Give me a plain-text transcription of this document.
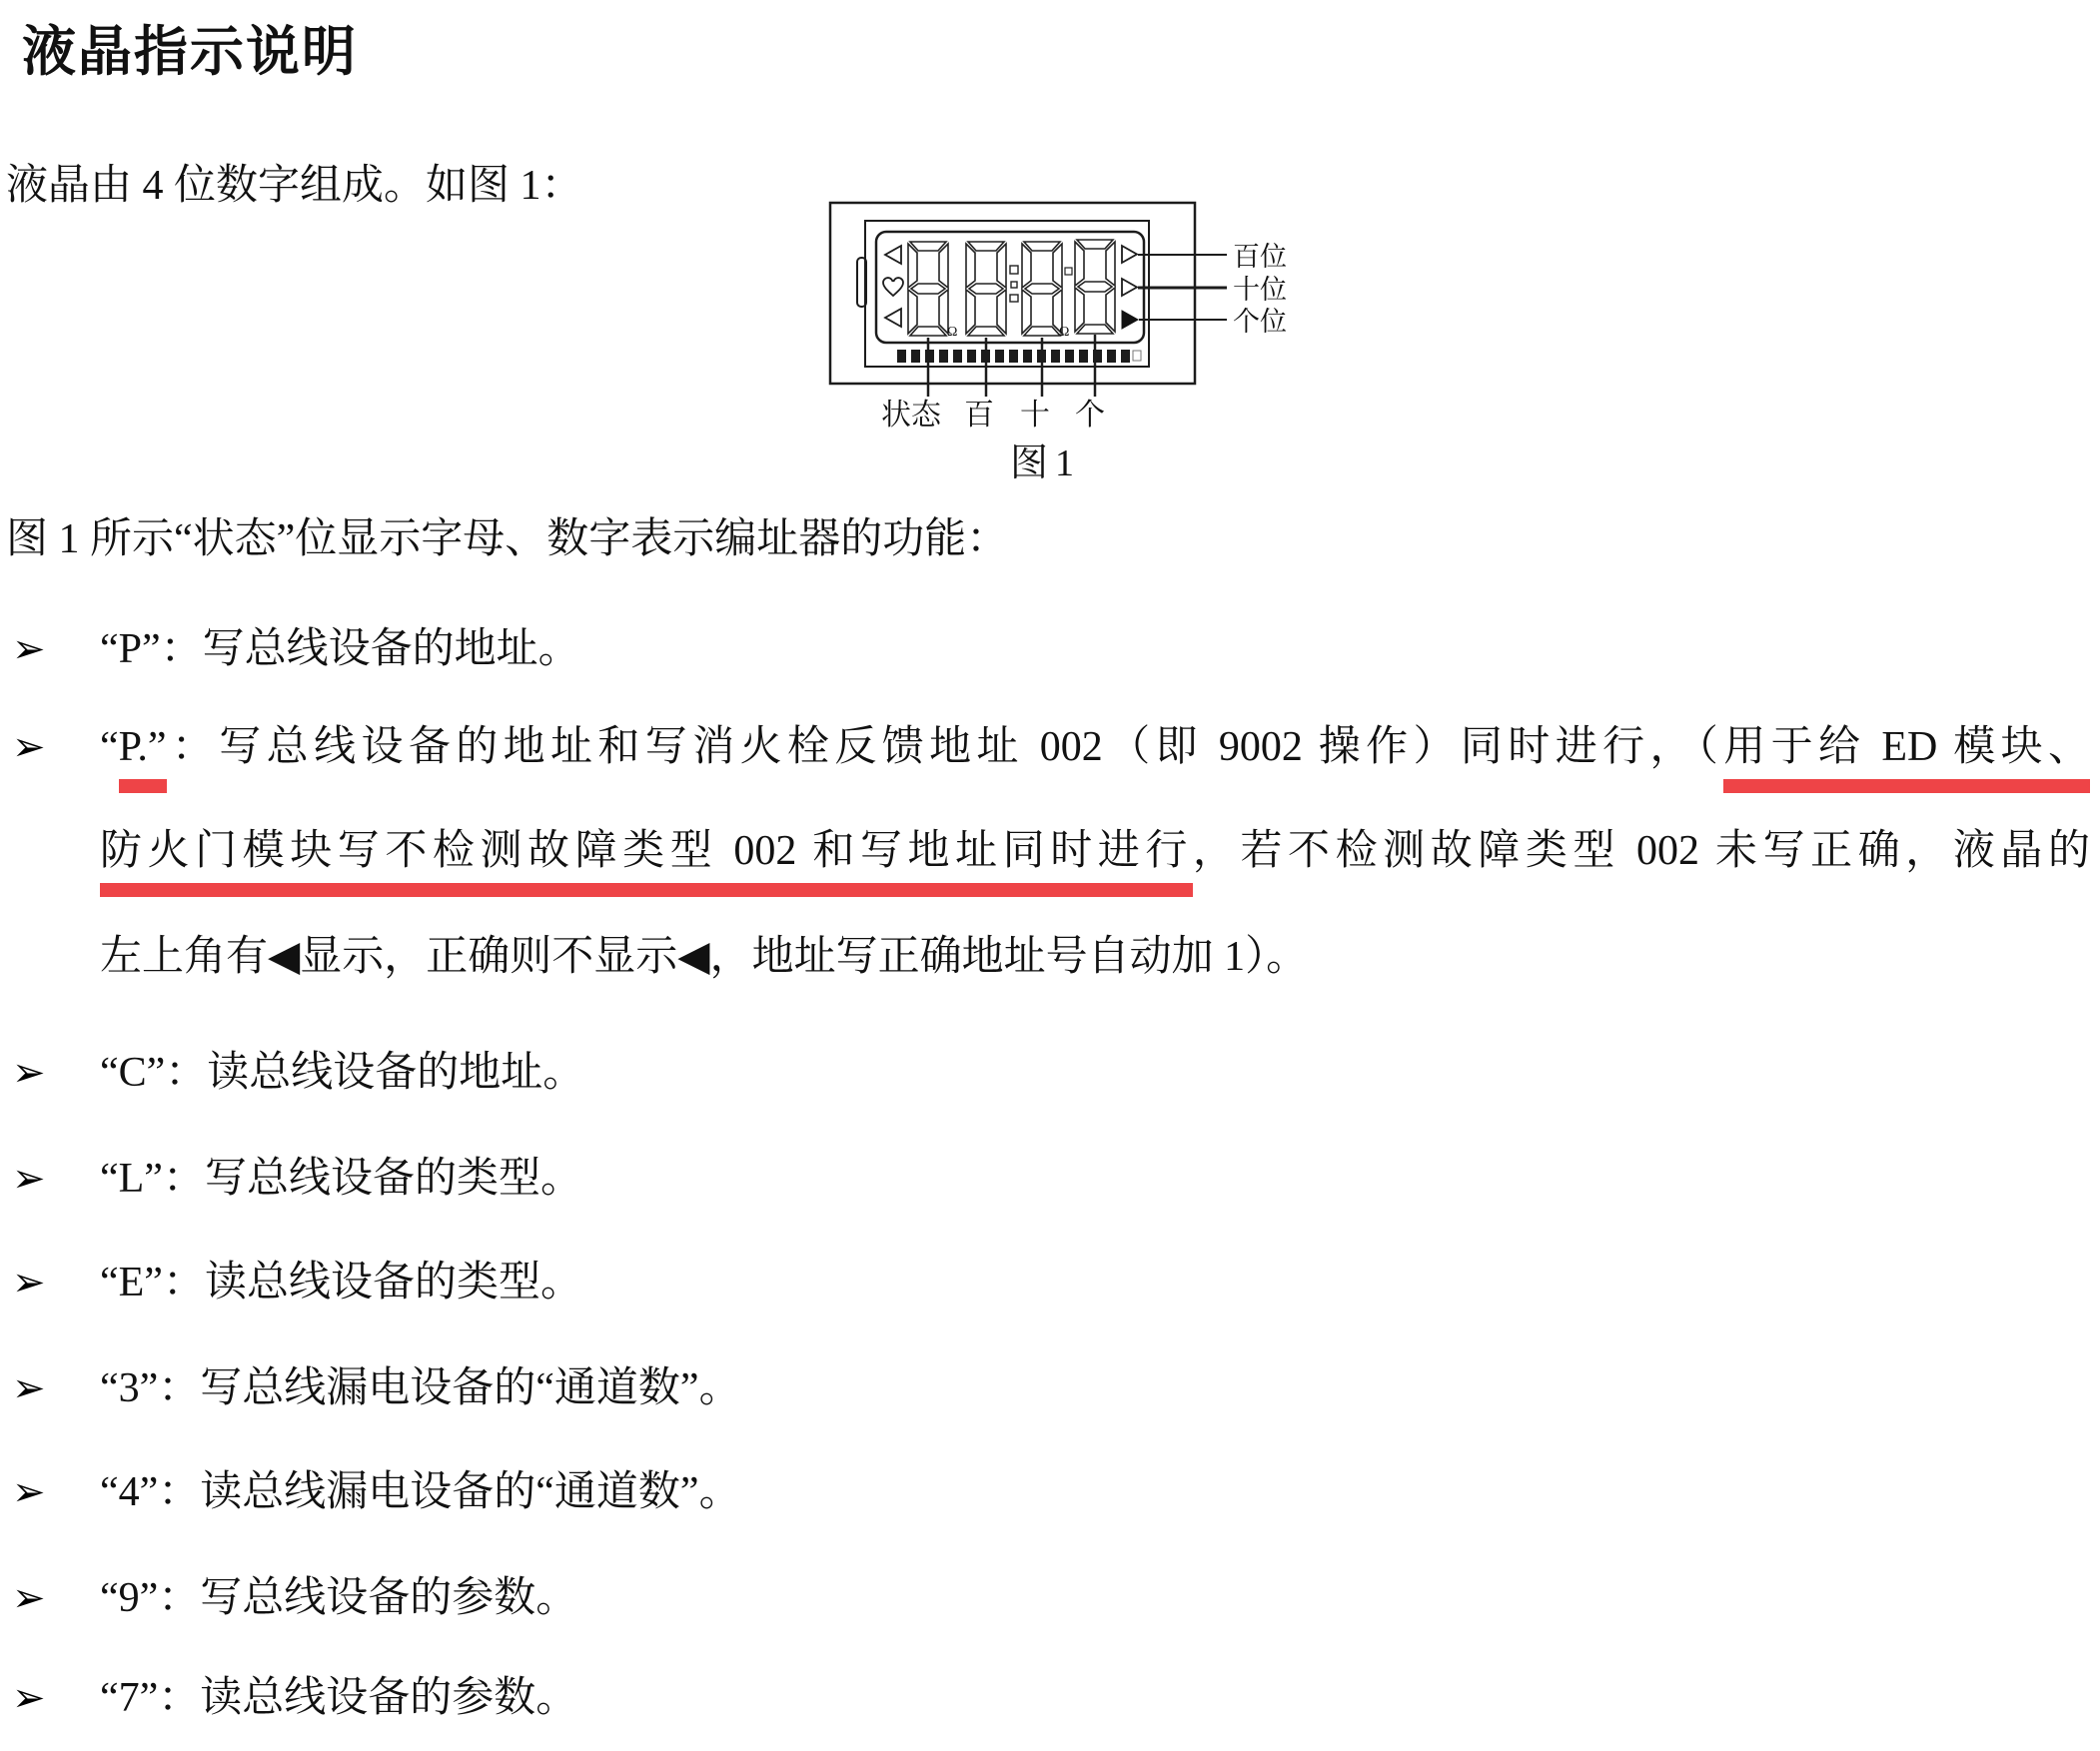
液晶指示说明
液晶由 4 位数字组成。如图 1：
Ω	Ω
百位
十位
个位
状态 百 十 个
图 1
图 1 所示“状态”位显示字母、数字表示编址器的功能：
➢	“P”：写总线设备的地址。
➢	“P.”：写总线设备的地址和写消火栓反馈地址 002（即 9002 操作）同时进行，（用于给 ED 模块、
防火门模块写不检测故障类型 002 和写地址同时进行，若不检测故障类型 002 未写正确，液晶的
左上角有◀显示，正确则不显示◀，地址写正确地址号自动加 1）。
➢	“C”：读总线设备的地址。
➢	“L”：写总线设备的类型。
➢	“E”：读总线设备的类型。
➢	“3”：写总线漏电设备的“通道数”。
➢	“4”：读总线漏电设备的“通道数”。
➢	“9”：写总线设备的参数。
➢	“7”：读总线设备的参数。
